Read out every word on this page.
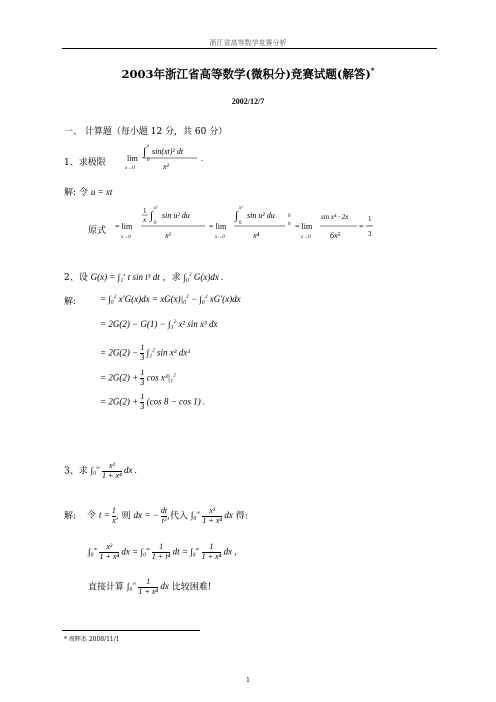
浙江省高等数学竞赛分析
2003年浙江省高等数学(微积分)竞赛试题(解答)*
2002/12/7
一、 计算题（每小题 12 分，共 60 分）
1、求极限	lim
x→0
∫
0
x
sin(xt)² dt
x²
.
解: 令 u = xt
原式 = lim
x→0
1
x ∫
0
x²
sin u² du
x²
= lim
x→0
∫
0
x²
sin u² du
x⁴
0
0 = lim
x→0
sin x⁴ · 2x
6x⁵
=
1
3
2、设 G(x) = ∫₁$^x$ t sin t³ dt ，求 ∫₀$^2$ G(x)dx .
解:	= ∫₀$^2$ x′G(x)dx = xG(x)|₀$^2$ − ∫₀$^2$ xG′(x)dx
= 2G(2) − G(1) − ∫₁$^2$ x² sin x³ dx
= $2G(2) - \frac{1}{3} \int_1^2$ sin x³ dx³
= $2G(2) + \frac{1}{3}$ cos x³|₁$^2$
= $2G(2) + \frac{1}{3} (\cos$ 8 − cos 1) .
3、求 $\int_0^\infty \frac{\text{x²}}{\text{1 + x⁴}}$ dx .
解: 令 $t = \frac{1}{x}$ , 则 dx = − $\frac{dt}{\text{t²}}$ ,代入 $\int_0^\infty \frac{\text{x²}}{\text{1 + x⁴}}$ dx 得:
$\int_0^\infty \frac{\text{x²}}{\text{1 + x⁴}}$ dx = $\int_0^\infty \frac{1}{\text{1 + t⁴}}$ dt = $\int_0^\infty \frac{1}{\text{1 + x⁴}}$ dx ,
直接计算 $\int_0^\infty \frac{1}{\text{1 + x⁴}}$ dx 比较困难!
* 周晖杰 2008/11/1
1
